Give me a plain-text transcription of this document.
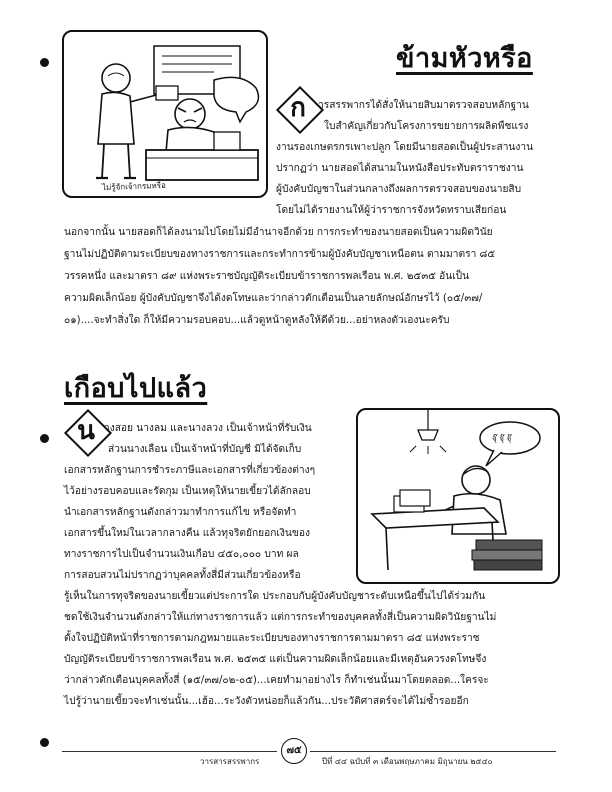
ไม่รู้จักเจ้ากรมหรือ
ข้ามหัวหรือ
ก	ารสรรพากรได้สั่งให้นายสิบมาตรวจสอบหลักฐาน
ใบสำคัญเกี่ยวกับโครงการขยายการผลิตพืชแรง
งานรองเกษตรกรเพาะปลูก โดยมีนายสอดเป็นผู้ประสานงาน
ปรากฏว่า นายสอดได้สนามในหนังสือประทับตราราชงาน
ผู้บังคับบัญชาในส่วนกลางถึงผลการตรวจสอบของนายสิบ
โดยไม่ได้รายงานให้ผู้ว่าราชการจังหวัดทราบเสียก่อน
นอกจากนั้น นายสอดก็ได้ลงนามไปโดยไม่มีอำนาจอีกด้วย การกระทำของนายสอดเป็นความผิดวินัย
ฐานไม่ปฏิบัติตามระเบียบของทางราชการและกระทำการข้ามผู้บังคับบัญชาเหนือตน ตามมาตรา ๘๕
วรรคหนึ่ง และมาตรา ๘๙ แห่งพระราชบัญญัติระเบียบข้าราชการพลเรือน พ.ศ. ๒๕๓๕ อันเป็น
ความผิดเล็กน้อย ผู้บังคับบัญชาจึงได้งดโทษและว่ากล่าวตักเตือนเป็นลายลักษณ์อักษรไว้ (๐๕/๓๗/
๐๑)....จะทำสิ่งใด ก็ให้มีความรอบคอบ...แล้วดูหน้าดูหลังให้ดีด้วย...อย่าหลงตัวเองนะครับ
เกือบไปแล้ว
จุ๊ จุ๊ จุ๊
น างสอย นางลม และนางลวง เป็นเจ้าหน้าที่รับเงิน
ส่วนนางเลือน เป็นเจ้าหน้าที่บัญชี มิได้จัดเก็บ
เอกสารหลักฐานการชำระภาษีและเอกสารที่เกี่ยวข้องต่างๆ
ไว้อย่างรอบคอบและรัดกุม เป็นเหตุให้นายเขี้ยวได้ลักลอบ
นำเอกสารหลักฐานดังกล่าวมาทำการแก้ไข หรือจัดทำ
เอกสารขึ้นใหม่ในเวลากลางคืน แล้วทุจริตยักยอกเงินของ
ทางราชการไปเป็นจำนวนเงินเกือบ ๔๕๐,๐๐๐ บาท ผล
การสอบสวนไม่ปรากฏว่าบุคคลทั้งสี่มีส่วนเกี่ยวข้องหรือ
รู้เห็นในการทุจริตของนายเขี้ยวแต่ประการใด ประกอบกับผู้บังคับบัญชาระดับเหนือขึ้นไปได้ร่วมกัน
ชดใช้เงินจำนวนดังกล่าวให้แก่ทางราชการแล้ว แต่การกระทำของบุคคลทั้งสี่เป็นความผิดวินัยฐานไม่
ตั้งใจปฏิบัติหน้าที่ราชการตามกฎหมายและระเบียบของทางราชการตามมาตรา ๘๕ แห่งพระราช
บัญญัติระเบียบข้าราชการพลเรือน พ.ศ. ๒๕๓๕ แต่เป็นความผิดเล็กน้อยและมีเหตุอันควรงดโทษจึง
ว่ากล่าวตักเตือนบุคคลทั้งสี่ (๑๕/๓๗/๐๒-๐๕)...เคยทำมาอย่างไร ก็ทำเช่นนั้นมาโดยตลอด...ใครจะ
ไปรู้ว่านายเขี้ยวจะทำเช่นนั้น...เฮ้อ...ระวังตัวหน่อยก็แล้วกัน...ประวัติศาสตร์จะได้ไม่ซ้ำรอยอีก
วารสารสรรพากร
๗๕
ปีที่ ๔๔ ฉบับที่ ๓ เดือนพฤษภาคม มิถุนายน ๒๕๔๐
